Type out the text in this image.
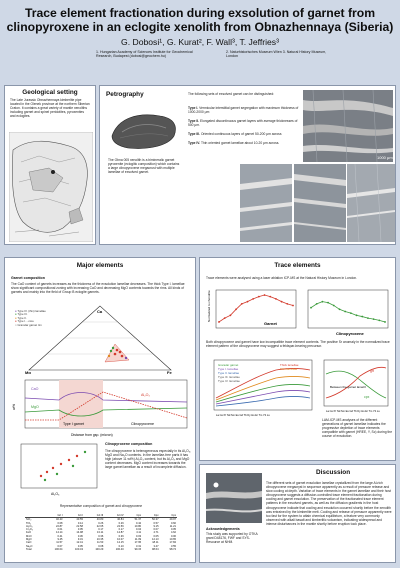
Trace element fractionation during exsolution of garnet from clinopyroxene in an eclogite xenolith from Obnazhennaya (Siberia)
G. Dobosi¹, G. Kurat², F. Wall³, T. Jeffries³
1. Hungarian Academy of Sciences Institute for Geochemical Research, Budapest (dobosi@geochem.hu)
2. Naturhistorisches Museum Wien 3. Natural History Museum, London
Geological setting
The Late Jurassic Obnazhennaya kimberlite pipe located in the Olenek province at the northern Siberian Craton. It contains a great variety of mantle xenoliths including garnet and spinel peridotites, pyroxenites and eclogites.
Petrography
The Obna 005 xenolith is a bimineralic garnet pyroxenite (eclogitic composition) which contains a large clinopyroxene megacrust with multiple lamellae of exsolved garnet.
The following sets of exsolved garnet can be distinguished:
Type I. Vermicular interstitial garnet segregation with maximum thickness of 1000-2000 μm
Type II. Elongated discontinuous garnet layers with average thicknesses of 500 μm.
Type III. Oriented continuous layers of garnet 50-200 μm across
Type IV. Thin oriented garnet lamellae about 10-20 μm across.
1000 μm
Major elements
Garnet composition
The CaO content of garnets increases as the thickness of the exsolution lamellae decreases. The thick Type I. lamellae show significant compositional zoning with increasing CaO and decreasing MgO contents towards the rims. All kinds of garnets and mainly into the field of Group B eclogite garnets.
Ca
Mg	Fe
● Type IV. (thin) lamellae
● Type III.
● Type II.
● Type I. - core
○ Granular garnet rim
CaO
MgO
Al₂O₃
Type I garnet	Clinopyroxene
Distance from gsp. (micron)
wt%
Clinopyroxene composition
The clinopyroxene is heterogeneous especially in its Al₂O₃, MgO and Na₂O contents. In the lamellae-free parts it has high (above 11 wt%) Al₂O₃ content, but its Al₂O₃ and MgO content decreases. MgO content increases towards the large garnet lamellae as a result of incomplete diffusion.
Al₂O₃
Representative composition of garnet and clinopyroxene
	Grt I	Grt I	Grt III	Grt IV	Cpx	Cpx	Cpx
SiO₂	40.43	40.55	40.80	40.84	51.37	50.37	49.97
TiO₂	0.08	0.14	0.26	0.26	0.42	0.57	0.60
Al₂O₃	22.87	22.58	22.65	22.56	10.80	9.15	11.21
Cr₂O₃	0.01	0.05	0.17	0.17	0.04	0.07	0.05
FeO	14.14	14.98	13.11	12.87	4.11	4.71	4.62
MnO	0.41	0.36	0.36	0.36	0.03	0.05	0.06
MgO	9.45	9.31	10.35	10.07	11.09	12.13	10.65
CaO	11.57	12.41	11.53	12.15	17.95	18.11	17.84
Na₂O	0.07	0.05	0.08	0.10	3.31	3.47	3.55
Total	100.04	100.43	100.29	100.40	99.15	98.64	98.74
Trace elements
Trace elements were analysed using a laser ablation ICP-MS at the Natural History Museum in London.
Garnet
Clinopyroxene
Normalized to chondrite
Both clinopyroxene and garnet have low incompatible trace element contents. The positive Sr anomaly in the normalized trace element pattern of the clinopyroxene may suggest a feldspar-bearing precursor.
Thick lamellae
Thin lamellae
Granular garnet
Type I. lamellae
Type II. lamellae
Type III. lamellae
Type IV. lamellae
La Ce Pr Nd Sm Eu Gd Tb Dy Ho Er Tm Yb Lu
cpx
grt
Between the garnet lamellI
La Ce Pr Nd Sm Eu Gd Tb Dy Ho Er Tm Yb Lu
LAM-ICP-MS analyses of the different generations of garnet lamellae indicates the progressive depletion of trace elements compatible with garnet (HREE, Y, Sc) during the course of exsolution.
Discussion
The different sets of garnet exsolution lamellae crystallized from the large Al-rich clinopyroxene megacryst in sequence apparently as a result of pressure release and slow cooling at depth. Variation of trace elements in the garnet lamellae and their host clinopyroxene suggests a diffusion-controlled trace element fractionation during cooling and garnet exsolution. The preservation of the fractionated trace element patterns in the exsolved garnets, as well as the diffusion gradients in the host clinopyroxene indicate that cooling and exsolution occurred shortly before the xenolith was entrained by the kimberlite melt. Cooling and release of pressure apparently were too fast for the system to attain chemical equilibrium, a feature very commonly observed with alkali basalt and kimberlitic volcanism, indicating widespread and intense disturbances in the mantle shortly before eruption took place.
Acknowledgements
This study was supported by OTKA grant D48176, FWF and SYS-Resource at NHM.
